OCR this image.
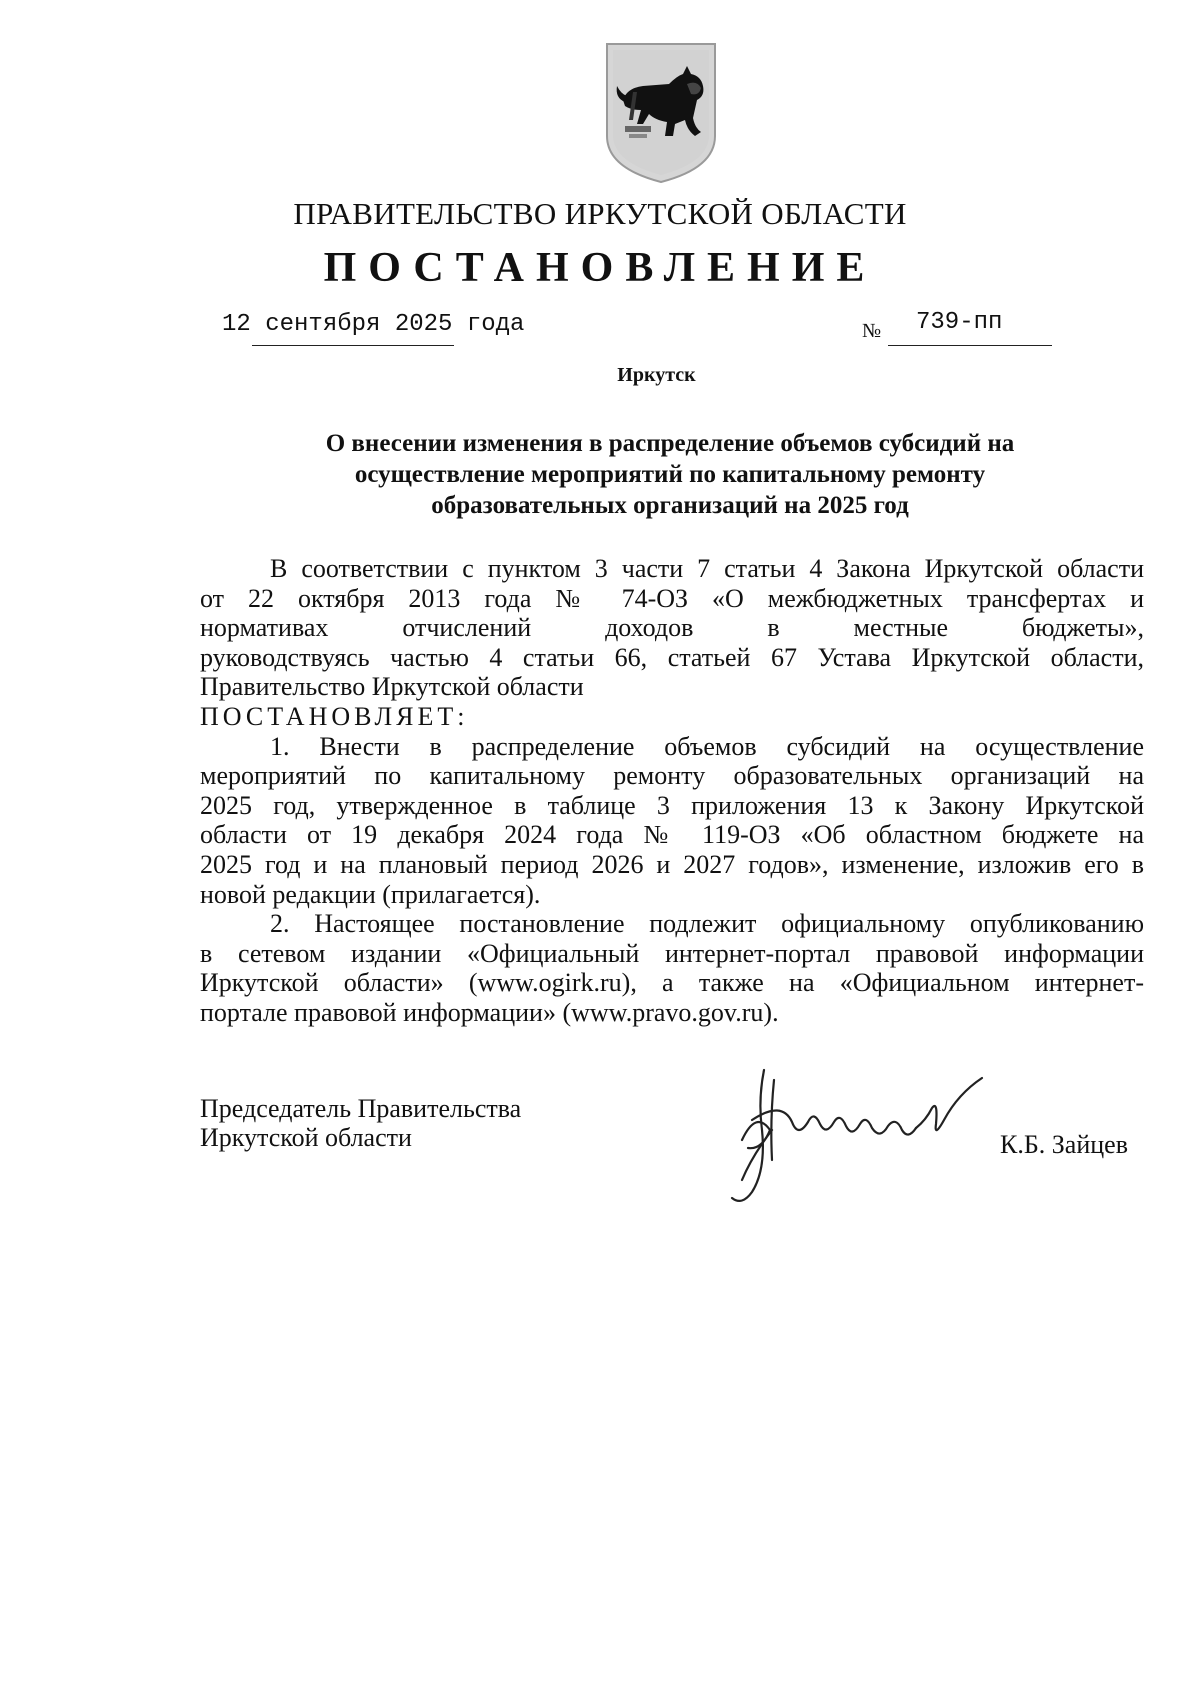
ПРАВИТЕЛЬСТВО ИРКУТСКОЙ ОБЛАСТИ
ПОСТАНОВЛЕНИЕ
12 сентября 2025 года	№ 739-пп
Иркутск
О внесении изменения в распределение объемов субсидий на
осуществление мероприятий по капитальному ремонту
образовательных организаций на 2025 год
В соответствии с пунктом 3 части 7 статьи 4 Закона Иркутской области
от 22 октября 2013 года № 74-ОЗ «О межбюджетных трансфертах и
нормативах отчислений доходов в местные бюджеты»,
руководствуясь частью 4 статьи 66, статьей 67 Устава Иркутской области,
Правительство Иркутской области
ПОСТАНОВЛЯЕТ:
1. Внести в распределение объемов субсидий на осуществление
мероприятий по капитальному ремонту образовательных организаций на
2025 год, утвержденное в таблице 3 приложения 13 к Закону Иркутской
области от 19 декабря 2024 года № 119-ОЗ «Об областном бюджете на
2025 год и на плановый период 2026 и 2027 годов», изменение, изложив его в
новой редакции (прилагается).
2. Настоящее постановление подлежит официальному опубликованию
в сетевом издании «Официальный интернет-портал правовой информации
Иркутской области» (www.ogirk.ru), а также на «Официальном интернет-
портале правовой информации» (www.pravo.gov.ru).
Председатель Правительства
Иркутской области	К.Б. Зайцев
